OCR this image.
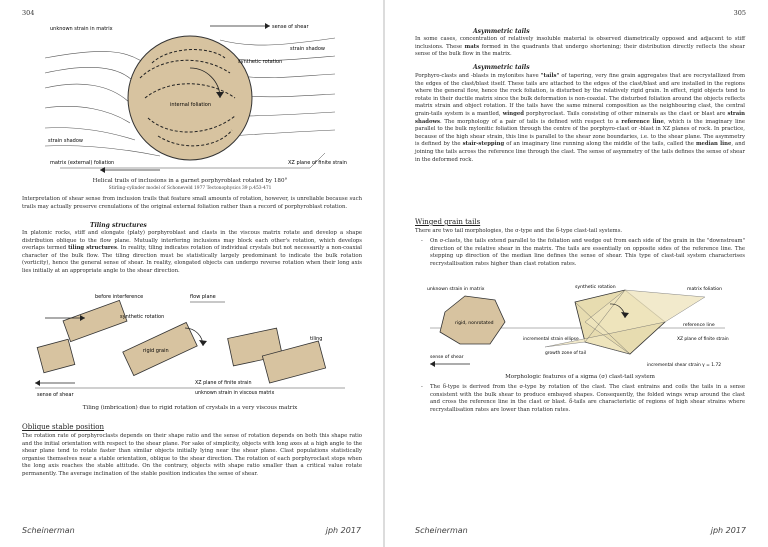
304
unknown strain in matrix	sense of shear
strain shadow
synthetic rotation
internal foliation
strain shadow
matrix (external) foliation	XZ plane of finite strain

Helical trails of inclusions in a garnet porphyroblast rotated by 180°

Stirling-cylinder model of Schoneveld 1977 Tectonophysics 39 p.453-471

Interpretation of shear sense from inclusion trails that feature small amounts of rotation, however, is unreliable because such trails may actually preserve crenulations of the original external foliation rather than a record of porphyroblast rotation.

Tiling structures

In platonic rocks, stiff and elongate (platy) porphyroblast and clasts in the viscous matrix rotate and develop a shape distribution oblique to the flow plane. Mutually interfering inclusions may block each other's rotation, which develops overlaps termed tiling structures. In reality, tiling indicates rotation of individual crystals but not necessarily a non-coaxial character of the bulk flow. The tiling direction must be statistically largely predominant to indicate the bulk rotation (vorticity), hence the general sense of shear. In reality, elongated objects can undergo reverse rotation when their long axis lies initially at an appropriate angle to the shear direction.

before interference	flow plane
synthetic rotation
rigid grain
tiling
sense of shear
XZ plane of finite strain
unknown strain in viscous matrix

Tiling (imbrication) due to rigid rotation of crystals in a very viscous matrix

Oblique stable position

The rotation rate of porphyroclasts depends on their shape ratio and the sense of rotation depends on both this shape ratio and the initial orientation with respect to the shear plane. For sake of simplicity, objects with long axes at a high angle to the shear plane tend to rotate faster than similar objects initially lying near the shear plane. Clast populations statistically organise themselves near a stable orientation, oblique to the shear direction. The rotation of each porphyroclast stops when the long axis reaches the stable attitude. On the contrary, objects with shape ratio smaller than a critical value rotate permanently. The average inclination of the stable position indicates the sense of shear.

Scheinerman	jph 2017
305

Asymmetric tails

In some cases, concentration of relatively insoluble material is observed diametrically opposed and adjacent to stiff inclusions. These mats formed in the quadrants that undergo shortening; their distribution directly reflects the shear sense of the bulk flow in the matrix.

Asymmetric tails

Porphyro-clasts and -blasts in mylonites have "tails" of tapering, very fine grain aggregates that are recrystallized from the edges of the clast/blast itself. These tails are attached to the edges of the clast/blast and are installed in the regions where the general flow, hence the rock foliation, is disturbed by the relatively rigid grain. In effect, rigid objects tend to rotate in their ductile matrix since the bulk deformation is non-coaxial. The disturbed foliation around the objects reflects matrix strain and object rotation. If the tails have the same mineral composition as the neighbouring clast, the central grain-tails system is a mantled, winged porphyroclast. Tails consisting of other minerals as the clast or blast are strain shadows. The morphology of a pair of tails is defined with respect to a reference line, which is the imaginary line parallel to the bulk mylonitic foliation through the centre of the porphyro-clast or -blast in XZ planes of rock. In practice, because of the high shear strain, this line is parallel to the shear zone boundaries, i.e. to the shear plane. The asymmetry is defined by the stair-stepping of an imaginary line running along the middle of the tails, called the median line, and joining the tails across the reference line through the clast. The sense of asymmetry of the tails defines the sense of shear in the deformed rock.

Winged grain tails

There are two tail morphologies, the σ-type and the δ-type clast-tail systems.

- On σ-clasts, the tails extend parallel to the foliation and wedge out from each side of the grain in the "downstream" direction of the relative shear in the matrix. The tails are essentially on opposite sides of the reference line. The stepping up direction of the median line defines the sense of shear. This type of clast-tail system characterises recrystallisation rates higher than clast rotation rates.

unknown strain in matrix	synthetic rotation	matrix foliation
rigid, nonrotated	reference line
incremental strain ellipse
growth zone of tail
XZ plane of finite strain
sense of shear
incremental shear strain γ = 1.72

Morphologic features of a sigma (σ) clast-tail system

- The δ-type is derived from the σ-type by rotation of the clast. The clast entrains and coils the tails in a sense consistent with the bulk shear to produce embayed shapes. Consequently, the folded wings wrap around the clast and cross the reference line in the clast or blast. δ-tails are characteristic of regions of high shear strains where recrystallisation rates are lower than rotation rates.

Scheinerman	jph 2017
